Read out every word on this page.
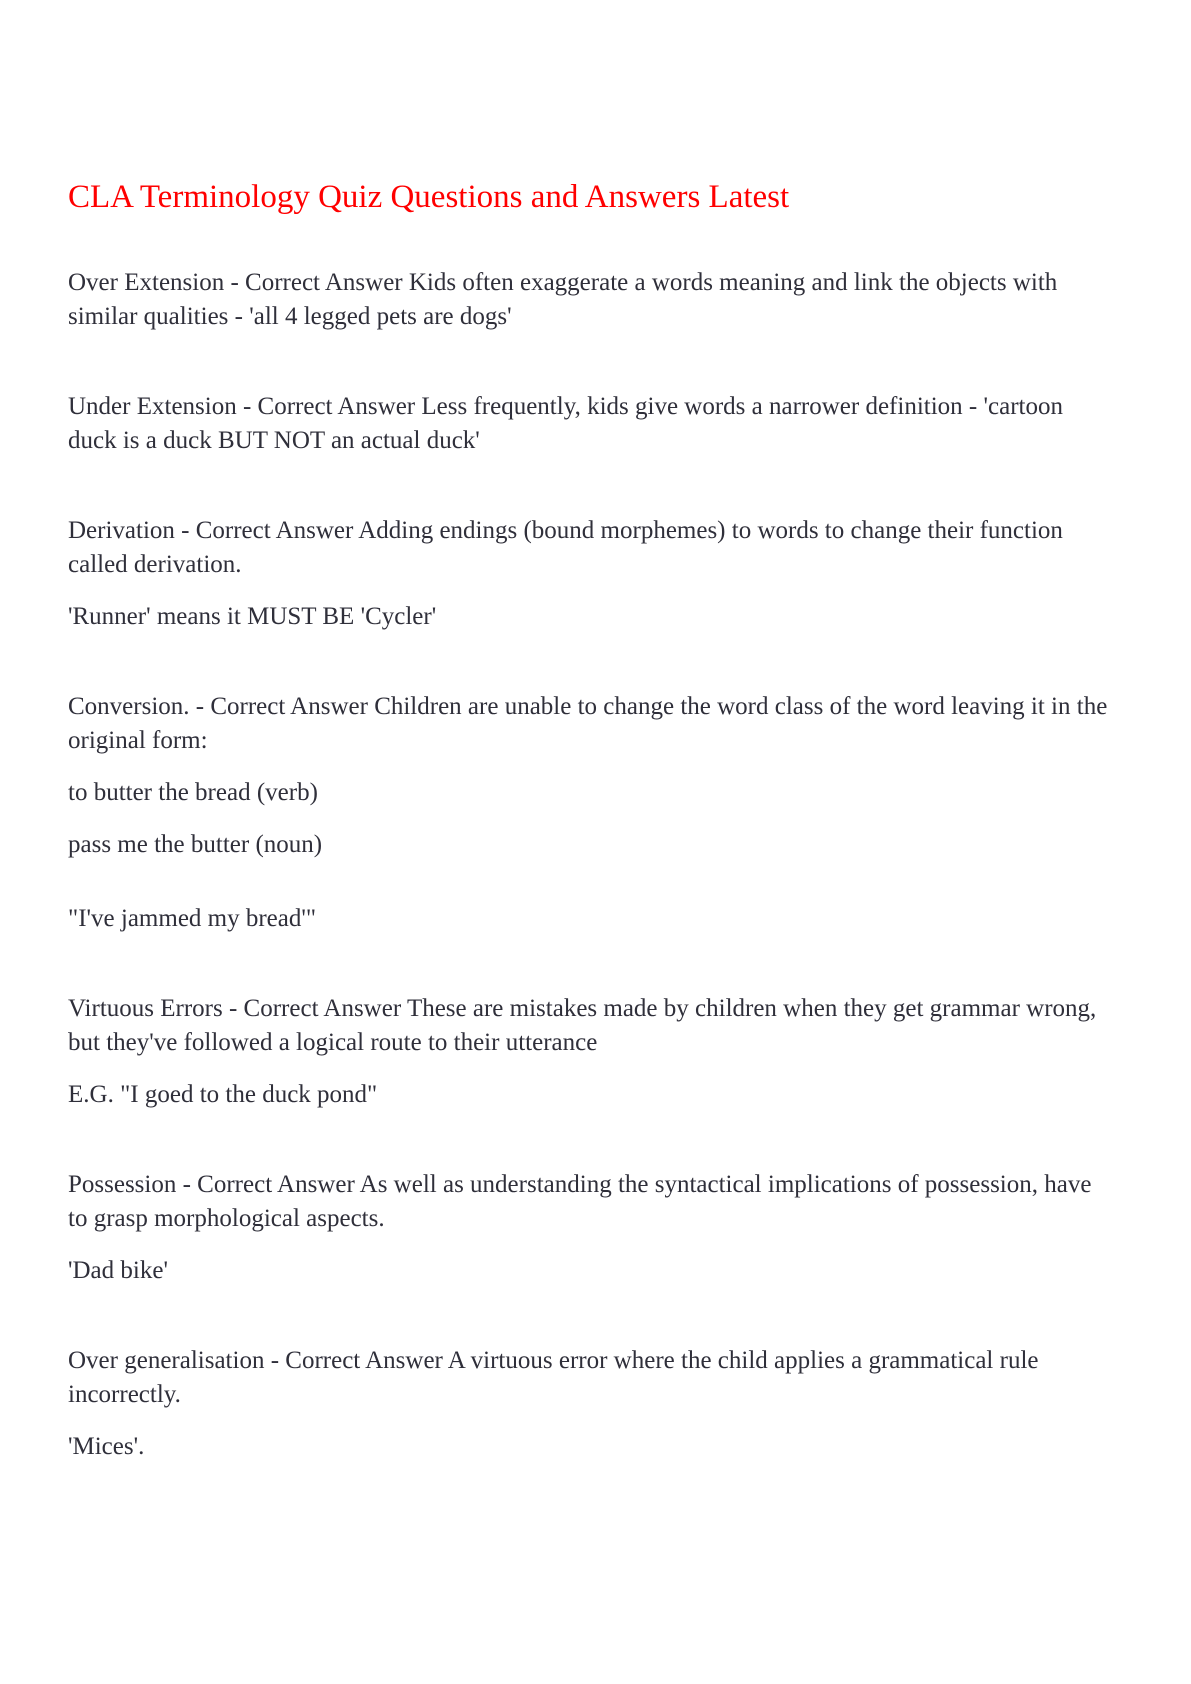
CLA Terminology Quiz Questions and Answers Latest

Over Extension - Correct Answer Kids often exaggerate a words meaning and link the objects with similar qualities - 'all 4 legged pets are dogs'

Under Extension - Correct Answer Less frequently, kids give words a narrower definition - 'cartoon duck is a duck BUT NOT an actual duck'

Derivation - Correct Answer Adding endings (bound morphemes) to words to change their function called derivation.

'Runner' means it MUST BE 'Cycler'

Conversion. - Correct Answer Children are unable to change the word class of the word leaving it in the original form:

to butter the bread (verb)

pass me the butter (noun)

"I've jammed my bread'"

Virtuous Errors - Correct Answer These are mistakes made by children when they get grammar wrong, but they've followed a logical route to their utterance

E.G. "I goed to the duck pond"

Possession - Correct Answer As well as understanding the syntactical implications of possession, have to grasp morphological aspects.

'Dad bike'

Over generalisation - Correct Answer A virtuous error where the child applies a grammatical rule incorrectly.

'Mices'.
